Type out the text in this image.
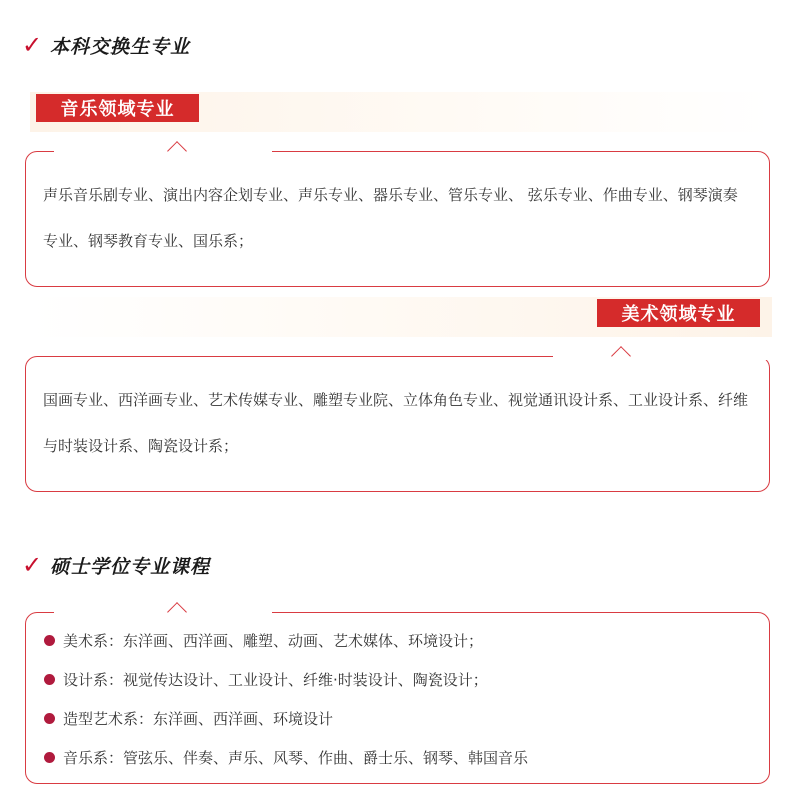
✓ 本科交换生专业
音乐领域专业
声乐音乐剧专业、演出内容企划专业、声乐专业、器乐专业、管乐专业、 弦乐专业、作曲专业、钢琴演奏专业、钢琴教育专业、国乐系；
美术领域专业
国画专业、西洋画专业、艺术传媒专业、雕塑专业院、立体角色专业、视觉通讯设计系、工业设计系、纤维与时装设计系、陶瓷设计系；
✓ 硕士学位专业课程
美术系：东洋画、西洋画、雕塑、动画、艺术媒体、环境设计；
设计系：视觉传达设计、工业设计、纤维·时装设计、陶瓷设计；
造型艺术系：东洋画、西洋画、环境设计
音乐系：管弦乐、伴奏、声乐、风琴、作曲、爵士乐、钢琴、韩国音乐
